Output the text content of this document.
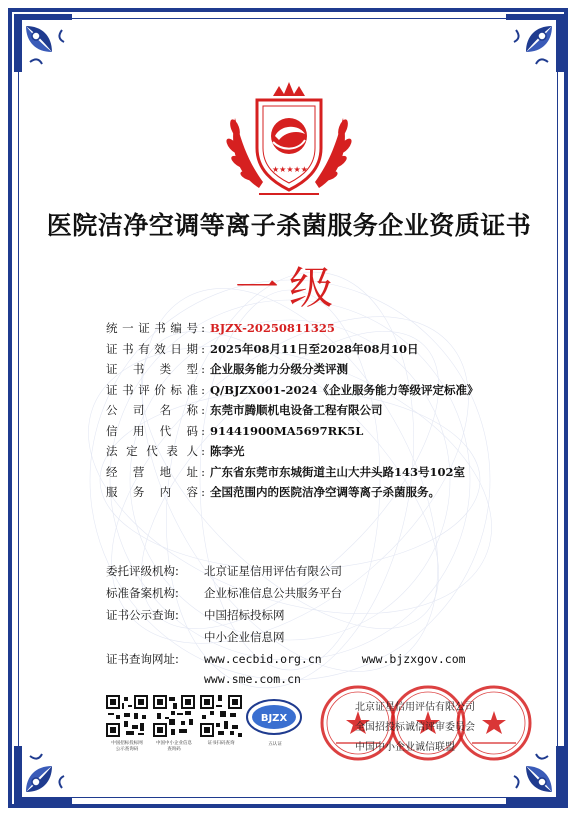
★★★★★
医院洁净空调等离子杀菌服务企业资质证书
一级
统一证书编号 : BJZX-20250811325
证书有效日期 : 2025年08月11日至2028年08月10日
证书类型 : 企业服务能力分级分类评测
证书评价标准 : Q/BJZX001-2024《企业服务能力等级评定标准》
公司名称 : 东莞市腾顺机电设备工程有限公司
信用代码 : 91441900MA5697RK5L
法定代表人 : 陈李光
经营地址 : 广东省东莞市东城街道主山大井头路143号102室
服务内容 : 全国范围内的医院洁净空调等离子杀菌服务。
委托评级机构:	北京证星信用评估有限公司
标准备案机构:	企业标准信息公共服务平台
证书公示查询:	中国招标投标网
中小企业信息网
证书查询网址:	www.cecbid.org.cn	www.bjzxgov.com
www.sme.com.cn
中国招标投标网
公示查询码
中国中小企业信息
查询码
证书扫码查询
BJZX
五认证
北京证星信用评估有限公司
全国招投标诚信评审委员会
中国中小企业诚信联盟
